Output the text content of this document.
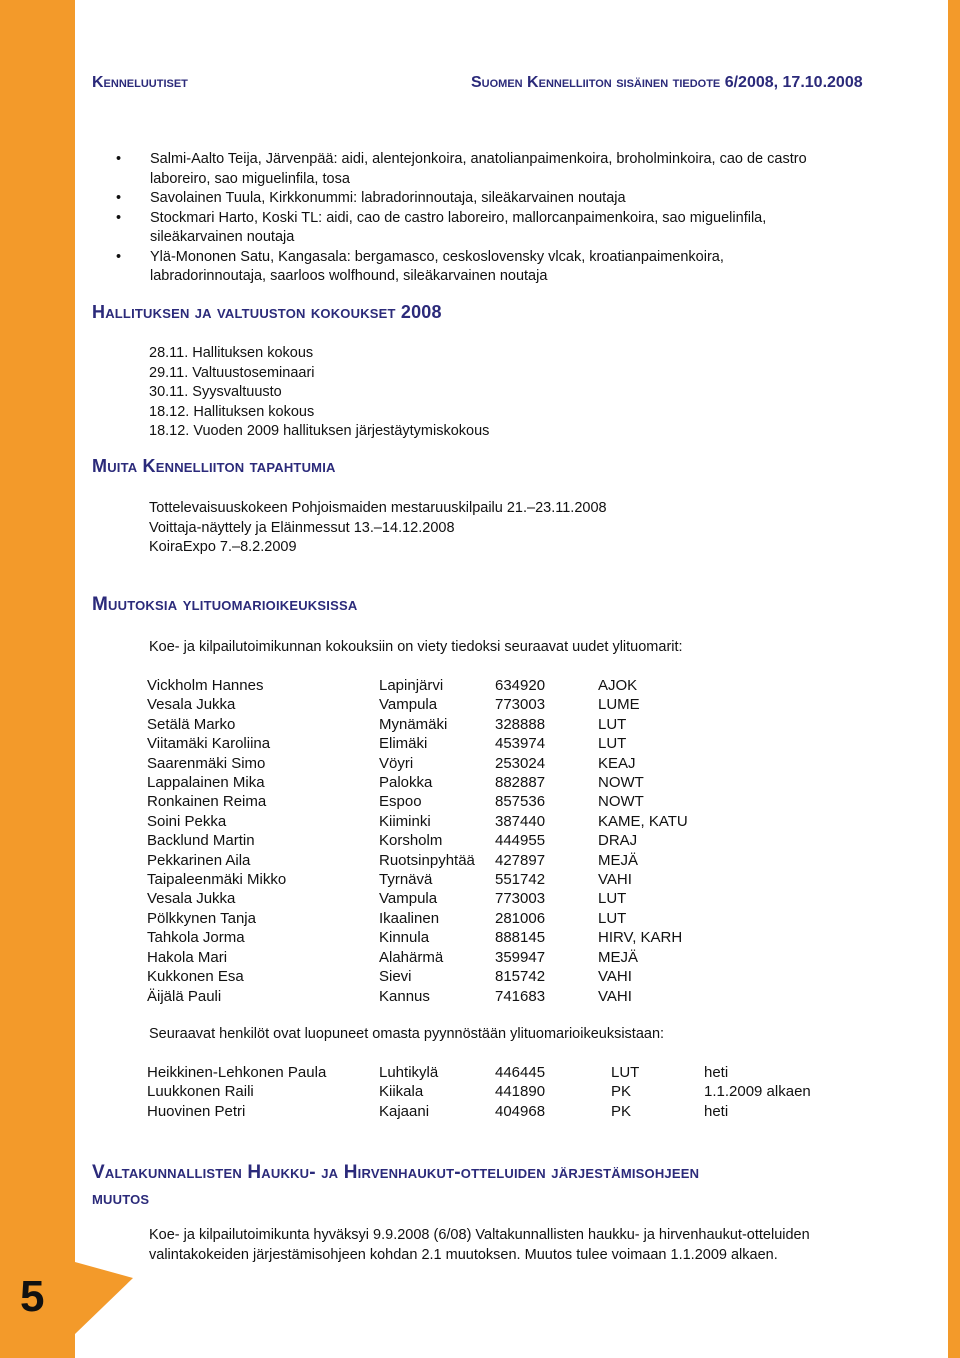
5
Kenneluutiset	Suomen Kennelliiton sisäinen tiedote 6/2008, 17.10.2008
• Salmi-Aalto Teija, Järvenpää: aidi, alentejonkoira, anatolianpaimenkoira, broholminkoira, cao de castro laboreiro, sao miguelinfila, tosa
• Savolainen Tuula, Kirkkonummi: labradorinnoutaja, sileäkarvainen noutaja
• Stockmari Harto, Koski TL: aidi, cao de castro laboreiro, mallorcanpaimenkoira, sao miguelinfila, sileäkarvainen noutaja
• Ylä-Mononen Satu, Kangasala: bergamasco, ceskoslovensky vlcak, kroatianpaimenkoira, labradorinnoutaja, saarloos wolfhound, sileäkarvainen noutaja
Hallituksen ja valtuuston kokoukset 2008
28.11. Hallituksen kokous
29.11. Valtuustoseminaari
30.11. Syysvaltuusto
18.12. Hallituksen kokous
18.12. Vuoden 2009 hallituksen järjestäytymiskokous
Muita Kennelliiton tapahtumia
Tottelevaisuuskokeen Pohjoismaiden mestaruuskilpailu 21.–23.11.2008
Voittaja-näyttely ja Eläinmessut 13.–14.12.2008
KoiraExpo 7.–8.2.2009
Muutoksia ylituomarioikeuksissa
Koe- ja kilpailutoimikunnan kokouksiin on viety tiedoksi seuraavat uudet ylituomarit:
Vickholm Hannes	Lapinjärvi	634920	AJOK
Vesala Jukka	Vampula	773003	LUME
Setälä Marko	Mynämäki	328888	LUT
Viitamäki Karoliina	Elimäki	453974	LUT
Saarenmäki Simo	Vöyri	253024	KEAJ
Lappalainen Mika	Palokka	882887	NOWT
Ronkainen Reima	Espoo	857536	NOWT
Soini Pekka	Kiiminki	387440	KAME, KATU
Backlund Martin	Korsholm	444955	DRAJ
Pekkarinen Aila	Ruotsinpyhtää	427897	MEJÄ
Taipaleenmäki Mikko	Tyrnävä	551742	VAHI
Vesala Jukka	Vampula	773003	LUT
Pölkkynen Tanja	Ikaalinen	281006	LUT
Tahkola Jorma	Kinnula	888145	HIRV, KARH
Hakola Mari	Alahärmä	359947	MEJÄ
Kukkonen Esa	Sievi	815742	VAHI
Äijälä Pauli	Kannus	741683	VAHI
Seuraavat henkilöt ovat luopuneet omasta pyynnöstään ylituomarioikeuksistaan:
Heikkinen-Lehkonen Paula	Luhtikylä	446445	LUT	heti
Luukkonen Raili	Kiikala	441890	PK	1.1.2009 alkaen
Huovinen Petri	Kajaani	404968	PK	heti
Valtakunnallisten Haukku- ja Hirvenhaukut-otteluiden järjestämisohjeen
muutos
Koe- ja kilpailutoimikunta hyväksyi 9.9.2008 (6/08) Valtakunnallisten haukku- ja hirvenhaukut-otteluiden valintakokeiden järjestämisohjeen kohdan 2.1 muutoksen. Muutos tulee voimaan 1.1.2009 alkaen.
